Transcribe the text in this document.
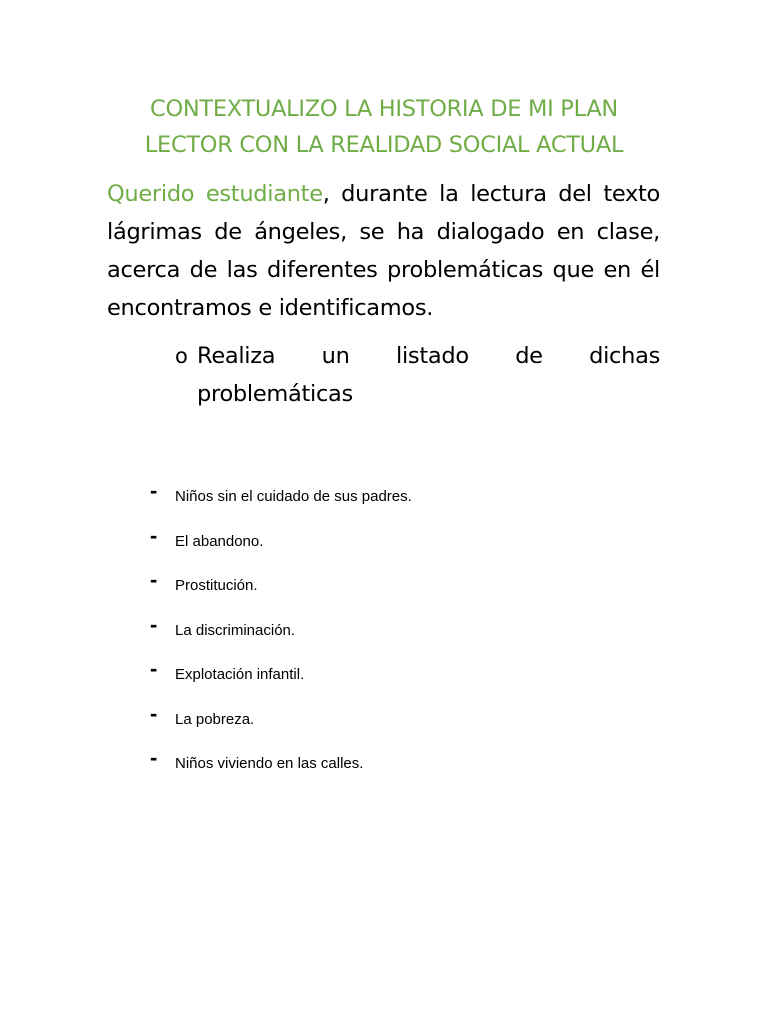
CONTEXTUALIZO LA HISTORIA DE MI PLAN
LECTOR CON LA REALIDAD SOCIAL ACTUAL
Querido estudiante, durante la lectura del texto
lágrimas de ángeles, se ha dialogado en clase,
acerca de las diferentes problemáticas que en él
encontramos e identificamos.
o Realiza un listado de dichas
problemáticas
- Niños sin el cuidado de sus padres.
- El abandono.
- Prostitución.
- La discriminación.
- Explotación infantil.
- La pobreza.
- Niños viviendo en las calles.
